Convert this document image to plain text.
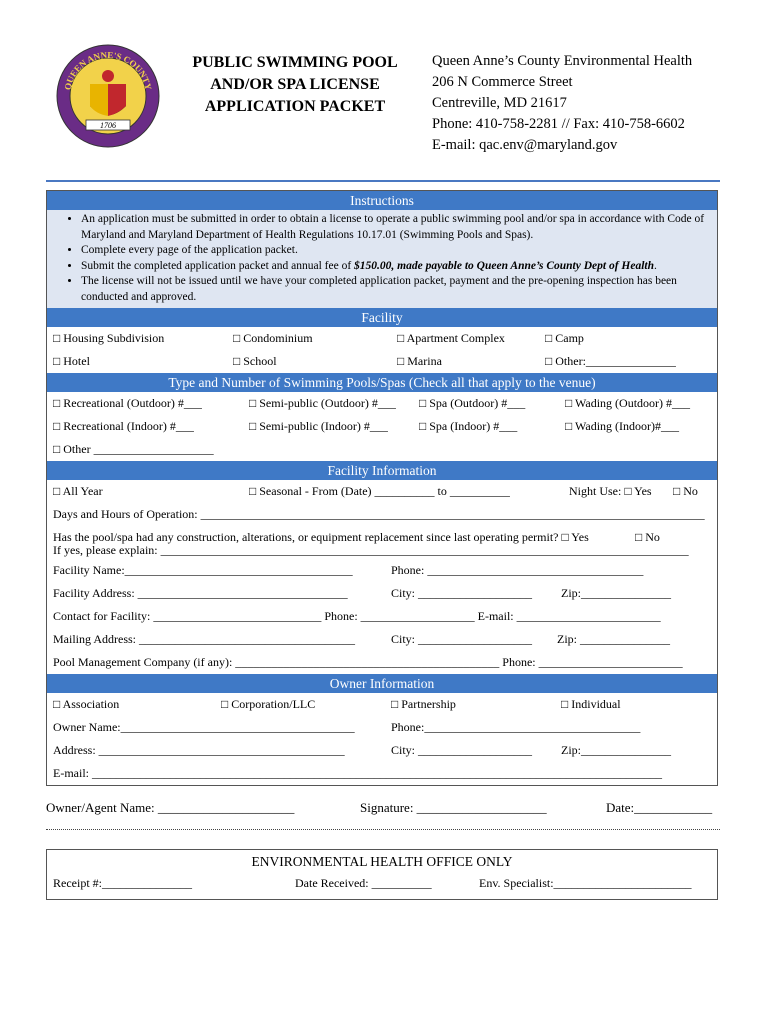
1706
QUEEN ANNE'S COUNTY
PUBLIC SWIMMING POOL
AND/OR SPA LICENSE
APPLICATION PACKET
Queen Anne’s County Environmental Health
206 N Commerce Street
Centreville, MD 21617
Phone: 410-758-2281 // Fax: 410-758-6602
E-mail: qac.env@maryland.gov
Instructions
• An application must be submitted in order to obtain a license to operate a public swimming pool and/or spa in accordance with Code of Maryland and Maryland Department of Health Regulations 10.17.01 (Swimming Pools and Spas).
• Complete every page of the application packet.
• Submit the completed application packet and annual fee of $150.00, made payable to Queen Anne’s County Dept of Health.
• The license will not be issued until we have your completed application packet, payment and the pre-opening inspection has been conducted and approved.
Facility
□ Housing Subdivision	□ Condominium	□ Apartment Complex	□ Camp
□ Hotel	□ School	□ Marina	□ Other:_______________
Type and Number of Swimming Pools/Spas (Check all that apply to the venue)
□ Recreational (Outdoor) #___	□ Semi-public (Outdoor) #___ □ Spa (Outdoor) #___	□ Wading (Outdoor) #___
□ Recreational (Indoor) #___	□ Semi-public (Indoor) #___	□ Spa (Indoor) #___	□ Wading (Indoor)#___
□ Other ____________________
Facility Information
□ All Year	□ Seasonal - From (Date) __________ to __________	Night Use: □ Yes □ No
Days and Hours of Operation: ____________________________________________________________________________________
Has the pool/spa had any construction, alterations, or equipment replacement since last operating permit? □ Yes	□ No
If yes, please explain: ________________________________________________________________________________________
Facility Name:______________________________________	Phone: ____________________________________
Facility Address: ___________________________________	City: ___________________ Zip:_______________
Contact for Facility: ____________________________ Phone: ___________________ E-mail: ________________________
Mailing Address: ____________________________________	City: ___________________ Zip: _______________
Pool Management Company (if any): ____________________________________________ Phone: ________________________
Owner Information
□ Association	□ Corporation/LLC	□ Partnership	□ Individual
Owner Name:_______________________________________	Phone:____________________________________
Address: _________________________________________	City: ___________________ Zip:_______________
E-mail: _______________________________________________________________________________________________
Owner/Agent Name: _____________________	Signature: ____________________	Date:____________
ENVIRONMENTAL HEALTH OFFICE ONLY
Receipt #:_______________	Date Received: __________	Env. Specialist:_______________________
